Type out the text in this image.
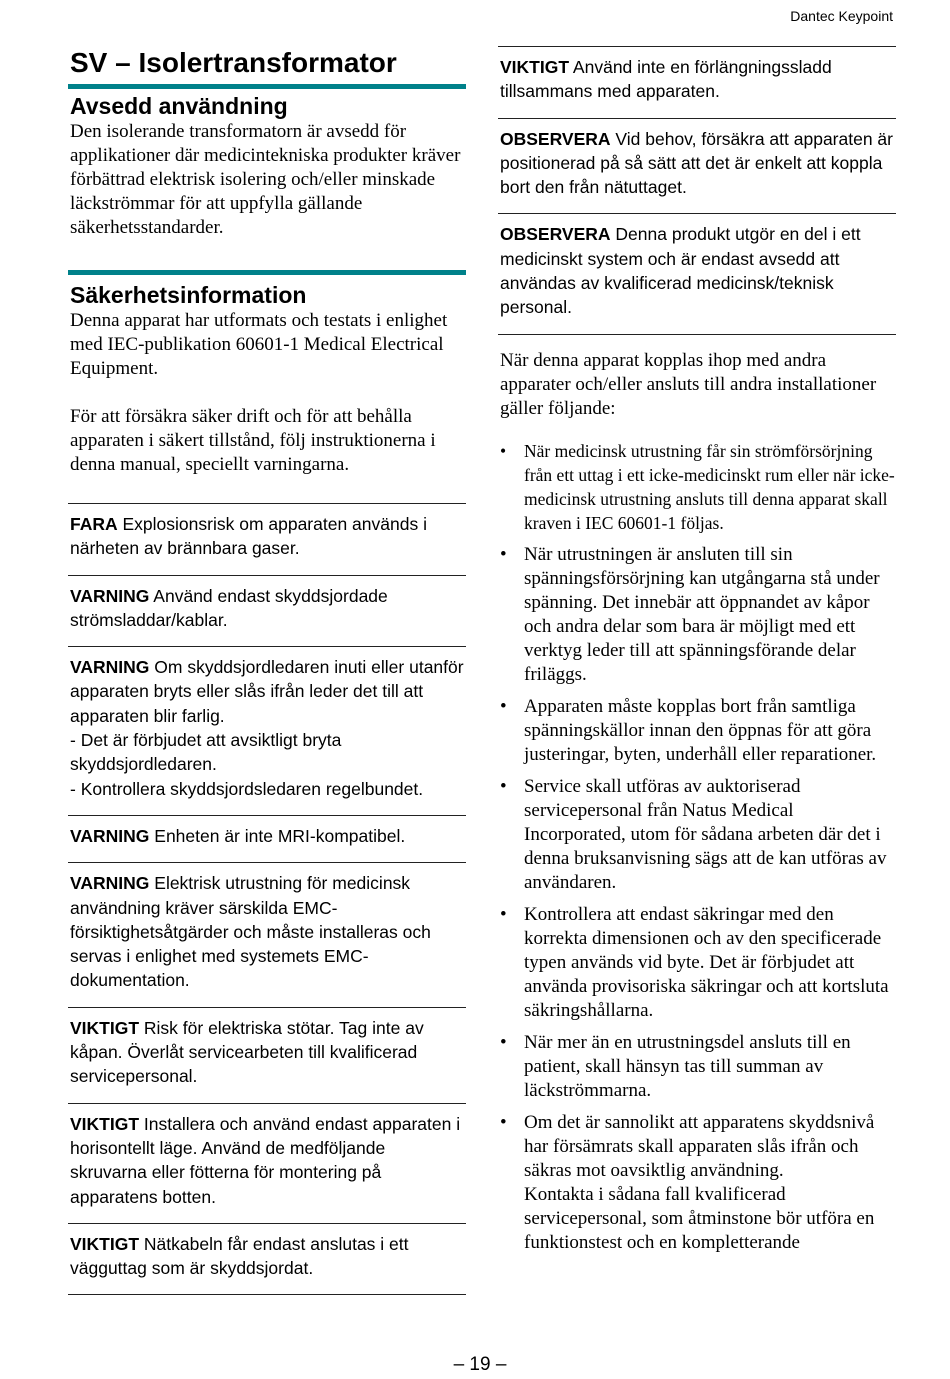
Dantec Keypoint
SV – Isolertransformator
Avsedd användning

Den isolerande transformatorn är avsedd för applikationer där medicintekniska produkter kräver förbättrad elektrisk isolering och/eller minskade läckströmmar för att uppfylla gällande säkerhetsstandarder.

Säkerhetsinformation

Denna apparat har utformats och testats i enlighet med IEC-publikation 60601-1 Medical Electrical Equipment.

För att försäkra säker drift och för att behålla apparaten i säkert tillstånd, följ instruktionerna i denna manual, speciellt varningarna.

FARA Explosionsrisk om apparaten används i närheten av brännbara gaser.
VARNING Använd endast skyddsjordade strömsladdar/kablar.
VARNING Om skyddsjordledaren inuti eller utanför apparaten bryts eller slås ifrån leder det till att apparaten blir farlig.
- Det är förbjudet att avsiktligt bryta skyddsjordledaren.
- Kontrollera skyddsjordsledaren regelbundet.
VARNING Enheten är inte MRI-kompatibel.
VARNING Elektrisk utrustning för medicinsk användning kräver särskilda EMC-försiktighetsåtgärder och måste installeras och servas i enlighet med systemets EMC-dokumentation.
VIKTIGT Risk för elektriska stötar. Tag inte av kåpan. Överlåt servicearbeten till kvalificerad servicepersonal.
VIKTIGT Installera och använd endast apparaten i horisontellt läge. Använd de medföljande skruvarna eller fötterna för montering på apparatens botten.
VIKTIGT Nätkabeln får endast anslutas i ett vägguttag som är skyddsjordat.
VIKTIGT Använd inte en förlängningssladd tillsammans med apparaten.
OBSERVERA Vid behov, försäkra att apparaten är positionerad på så sätt att det är enkelt att koppla bort den från nätuttaget.
OBSERVERA Denna produkt utgör en del i ett medicinskt system och är endast avsedd att användas av kvalificerad medicinsk/teknisk personal.

När denna apparat kopplas ihop med andra apparater och/eller ansluts till andra installationer gäller följande:

• När medicinsk utrustning får sin strömförsörjning från ett uttag i ett icke-medicinskt rum eller när icke-medicinsk utrustning ansluts till denna apparat skall kraven i IEC 60601-1 följas.
• När utrustningen är ansluten till sin spänningsförsörjning kan utgångarna stå under spänning. Det innebär att öppnandet av kåpor och andra delar som bara är möjligt med ett verktyg leder till att spänningsförande delar friläggs.
• Apparaten måste kopplas bort från samtliga spänningskällor innan den öppnas för att göra justeringar, byten, underhåll eller reparationer.
• Service skall utföras av auktoriserad servicepersonal från Natus Medical Incorporated, utom för sådana arbeten där det i denna bruksanvisning sägs att de kan utföras av användaren.
• Kontrollera att endast säkringar med den korrekta dimensionen och av den specificerade typen används vid byte. Det är förbjudet att använda provisoriska säkringar och att kortsluta säkringshållarna.
• När mer än en utrustningsdel ansluts till en patient, skall hänsyn tas till summan av läckströmmarna.
• Om det är sannolikt att apparatens skyddsnivå har försämrats skall apparaten slås ifrån och säkras mot oavsiktlig användning.
Kontakta i sådana fall kvalificerad servicepersonal, som åtminstone bör utföra en funktionstest och en kompletterande
– 19 –
